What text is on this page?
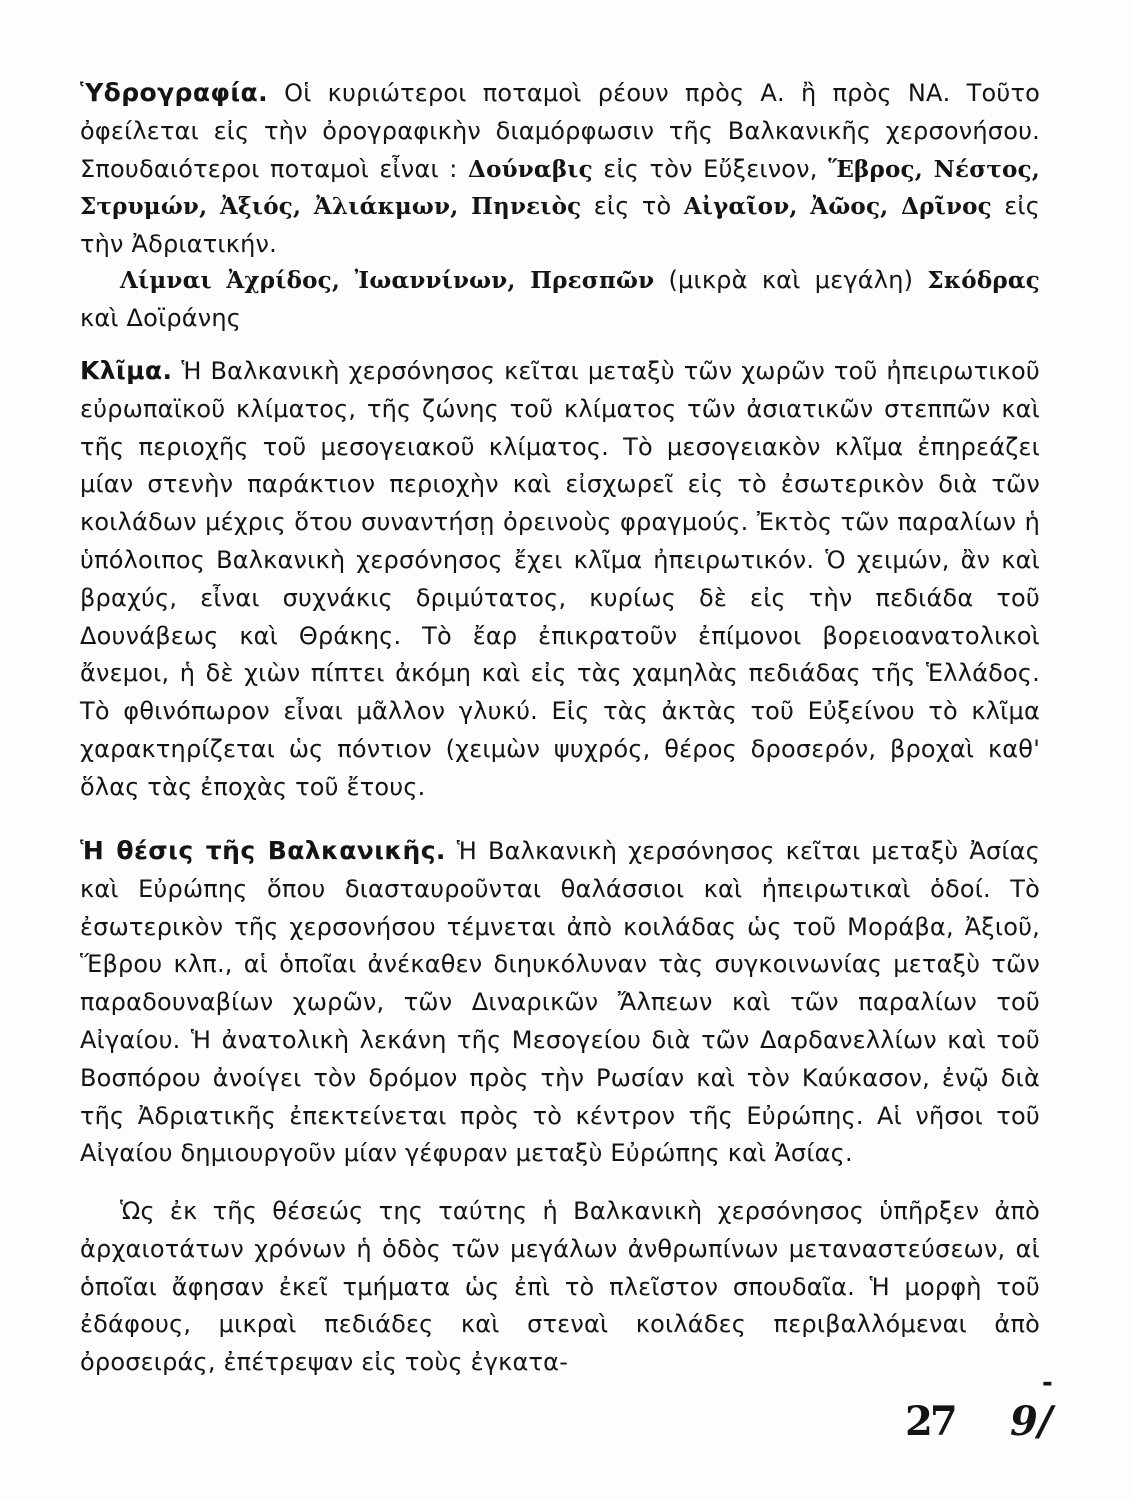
Ὑδρογραφία. Οἱ κυριώτεροι ποταμοὶ ρέουν πρὸς Α. ἢ πρὸς ΝΑ. Τοῦτο ὀφείλεται εἰς τὴν ὀρογραφικὴν διαμόρφωσιν τῆς Βαλκανικῆς χερσονήσου. Σπουδαιότεροι ποταμοὶ εἶναι : Δούναβις εἰς τὸν Εὔξεινον, Ἕβρος, Νέστος, Στρυμών, Ἀξιός, Ἀλιάκμων, Πηνειὸς εἰς τὸ Αἰγαῖον, Ἀῶος, Δρῖνος εἰς τὴν Ἀδριατικήν.
Λίμναι Ἀχρίδος, Ἰωαννίνων, Πρεσπῶν (μικρὰ καὶ μεγάλη) Σκόδρας καὶ Δοϊράνης
Κλῖμα. Ἡ Βαλκανικὴ χερσόνησος κεῖται μεταξὺ τῶν χωρῶν τοῦ ἠπειρωτικοῦ εὐρωπαϊκοῦ κλίματος, τῆς ζώνης τοῦ κλίματος τῶν ἀσιατικῶν στεππῶν καὶ τῆς περιοχῆς τοῦ μεσογειακοῦ κλίματος. Τὸ μεσογειακὸν κλῖμα ἐπηρεάζει μίαν στενὴν παράκτιον περιοχὴν καὶ εἰσχωρεῖ εἰς τὸ ἐσωτερικὸν διὰ τῶν κοιλάδων μέχρις ὅτου συναντήσῃ ὀρεινοὺς φραγμούς. Ἐκτὸς τῶν παραλίων ἡ ὑπόλοιπος Βαλκανικὴ χερσόνησος ἔχει κλῖμα ἠπειρωτικόν. Ὁ χειμών, ἂν καὶ βραχύς, εἶναι συχνάκις δριμύτατος, κυρίως δὲ εἰς τὴν πεδιάδα τοῦ Δουνάβεως καὶ Θράκης. Τὸ ἔαρ ἐπικρατοῦν ἐπίμονοι βορειοανατολικοὶ ἄνεμοι, ἡ δὲ χιὼν πίπτει ἀκόμη καὶ εἰς τὰς χαμηλὰς πεδιάδας τῆς Ἑλλάδος. Τὸ φθινόπωρον εἶναι μᾶλλον γλυκύ. Εἰς τὰς ἀκτὰς τοῦ Εὐξείνου τὸ κλῖμα χαρακτηρίζεται ὡς πόντιον (χειμὼν ψυχρός, θέρος δροσερόν, βροχαὶ καθ' ὅλας τὰς ἐποχὰς τοῦ ἔτους.
Ἡ θέσις τῆς Βαλκανικῆς. Ἡ Βαλκανικὴ χερσόνησος κεῖται μεταξὺ Ἀσίας καὶ Εὐρώπης ὅπου διασταυροῦνται θαλάσσιοι καὶ ἠπειρωτικαὶ ὁδοί. Τὸ ἐσωτερικὸν τῆς χερσονήσου τέμνεται ἀπὸ κοιλάδας ὡς τοῦ Μοράβα, Ἀξιοῦ, Ἕβρου κλπ., αἱ ὁποῖαι ἀνέκαθεν διηυκόλυναν τὰς συγκοινωνίας μεταξὺ τῶν παραδουναβίων χωρῶν, τῶν Διναρικῶν Ἄλπεων καὶ τῶν παραλίων τοῦ Αἰγαίου. Ἡ ἀνατολικὴ λεκάνη τῆς Μεσογείου διὰ τῶν Δαρδανελλίων καὶ τοῦ Βοσπόρου ἀνοίγει τὸν δρόμον πρὸς τὴν Ρωσίαν καὶ τὸν Καύκασον, ἐνῷ διὰ τῆς Ἀδριατικῆς ἐπεκτείνεται πρὸς τὸ κέντρον τῆς Εὐρώπης. Αἱ νῆσοι τοῦ Αἰγαίου δημιουργοῦν μίαν γέφυραν μεταξὺ Εὐρώπης καὶ Ἀσίας.
Ὡς ἐκ τῆς θέσεώς της ταύτης ἡ Βαλκανικὴ χερσόνησος ὑπῆρξεν ἀπὸ ἀρχαιοτάτων χρόνων ἡ ὁδὸς τῶν μεγάλων ἀνθρωπίνων μεταναστεύσεων, αἱ ὁποῖαι ἄφησαν ἐκεῖ τμήματα ὡς ἐπὶ τὸ πλεῖστον σπουδαῖα. Ἡ μορφὴ τοῦ ἐδάφους, μικραὶ πεδιάδες καὶ στεναὶ κοιλάδες περιβαλλόμεναι ἀπὸ ὀροσειράς, ἐπέτρεψαν εἰς τοὺς ἐγκατα-
-
27 9/
